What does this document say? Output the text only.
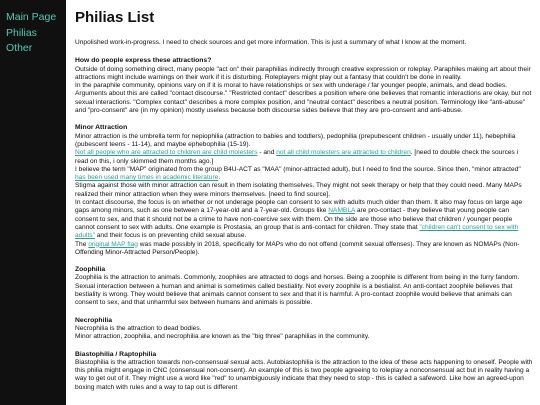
Main Page
Philias
Other
Philias List

Unpolished work-in-progress. I need to check sources and get more information. This is just a summary of what I know at the moment.

How do people express these attractions?

Outside of doing something direct, many people "act on" their paraphilias indirectly through creative expression or roleplay. Paraphiles making art about their attractions might include warnings on their work if it is disturbing. Roleplayers might play out a fantasy that couldn't be done in reality.

In the paraphile community, opinions vary on if it is moral to have relationships or sex with underage / far younger people, animals, and dead bodies. Arguments about this are called "contact discourse." "Restricted contact" describes a position where one believes that romantic interactions are okay, but not sexual interactions. "Complex contact" describes a more complex position, and "neutral contact" describes a neutral position. Terminology like "anti-abuse" and "pro-consent" are (in my opinion) mostly useless because both discourse sides believe that they are pro-consent and anti-abuse.

Minor Attraction

Minor attraction is the umbrella term for nepiophilia (attraction to babies and toddlers), pedophilia (prepubescent children - usually under 11), hebephilia (pubescent teens - 11-14), and maybe ephebophilia (15-19).

Not all people who are attracted to children are child molesters - and not all child molesters are attracted to children. [need to double check the sources i read on this, i only skimmed them months ago.]

I believe the term "MAP" originated from the group B4U-ACT as "MAA" (minor-attracted adult), but I need to find the source. Since then, "minor attracted" has been used many times in academic literature.

Stigma against those with minor attraction can result in them isolating themselves. They might not seek therapy or help that they could need. Many MAPs realized their minor attraction when they were minors themselves. [need to find source].

In contact discourse, the focus is on whether or not underage people can consent to sex with adults much older than them. It also may focus on large age gaps among minors, such as one between a 17-year-old and a 7-year-old. Groups like NAMBLA are pro-contact - they believe that young people can consent to sex, and that it should not be a crime to have non-coercive sex with them. On the side are those who believe that children / younger people cannot consent to sex with adults. One example is Prostasia, an group that is anti-contact for children. They state that "children can't consent to sex with adults" and their focus is on preventing child sexual abuse.

The original MAP flag was made possibly in 2018, specifically for MAPs who do not offend (commit sexual offenses). They are known as NOMAPs (Non-Offending Minor-Attracted Person/People).

Zoophilia

Zoophilia is the attraction to animals. Commonly, zoophiles are attracted to dogs and horses. Being a zoophile is different from being in the furry fandom.

Sexual interaction between a human and animal is sometimes called bestiality. Not every zoophile is a bestialist. An anti-contact zoophile believes that bestiality is wrong. They would believe that animals cannot consent to sex and that it is harmful. A pro-contact zoophile would believe that animals can consent to sex, and that unharmful sex between humans and animals is possible.

Necrophilia

Necrophilia is the attraction to dead bodies.

Minor attraction, zoophilia, and necrophilia are known as the "big three" paraphilias in the community.

Biastophilia / Raptophilia

Biastophilia is the attraction towards non-consensual sexual acts. Autobiastophilia is the attraction to the idea of these acts happening to oneself. People with this philia might engage in CNC (consensual non-consent). An example of this is two people agreeing to roleplay a nonconsensual act but in reality having a way to get out of it. They might use a word like "red" to unambiguously indicate that they need to stop - this is called a safeword. Like how an agreed-upon boxing match with rules and a way to tap out is different
